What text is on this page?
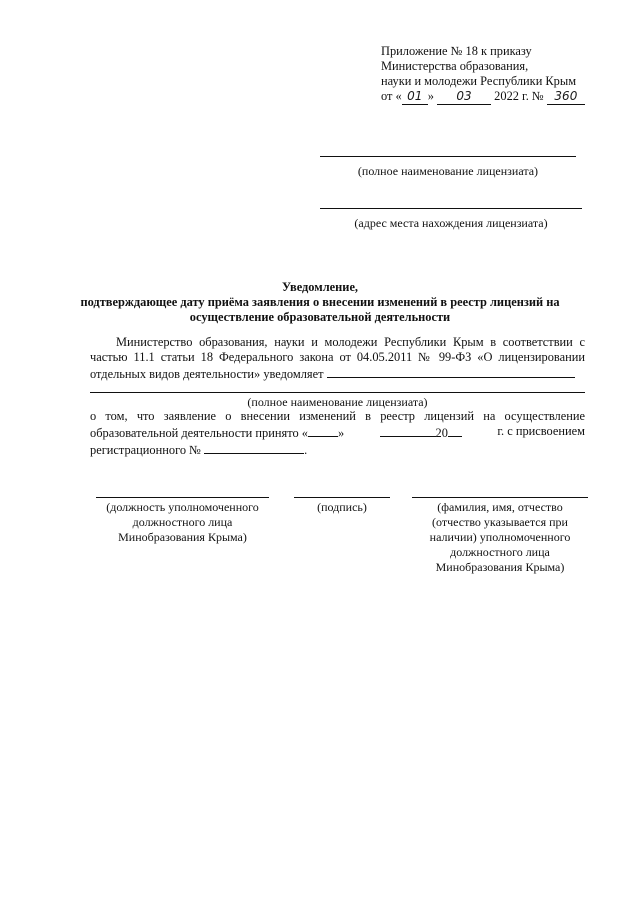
Приложение № 18 к приказу
Министерства образования,
науки и молодежи Республики Крым
от « 01 » 03 2022 г. № 360
(полное наименование лицензиата)
(адрес места нахождения лицензиата)
Уведомление,
подтверждающее дату приёма заявления о внесении изменений в реестр лицензий на
осуществление образовательной деятельности
Министерство образования, науки и молодежи Республики Крым в соответствии с
частью 11.1 статьи 18 Федерального закона от 04.05.2011 № 99-ФЗ «О лицензировании
отдельных видов деятельности» уведомляет
(полное наименование лицензиата)
о том, что заявление о внесении изменений в реестр лицензий на осуществление
образовательной деятельности принято « »	20	г. с присвоением
регистрационного №	.
(должность уполномоченного
должностного лица
Минобразования Крыма)
(подпись)	(фамилия, имя, отчество
(отчество указывается при
наличии) уполномоченного
должностного лица
Минобразования Крыма)
